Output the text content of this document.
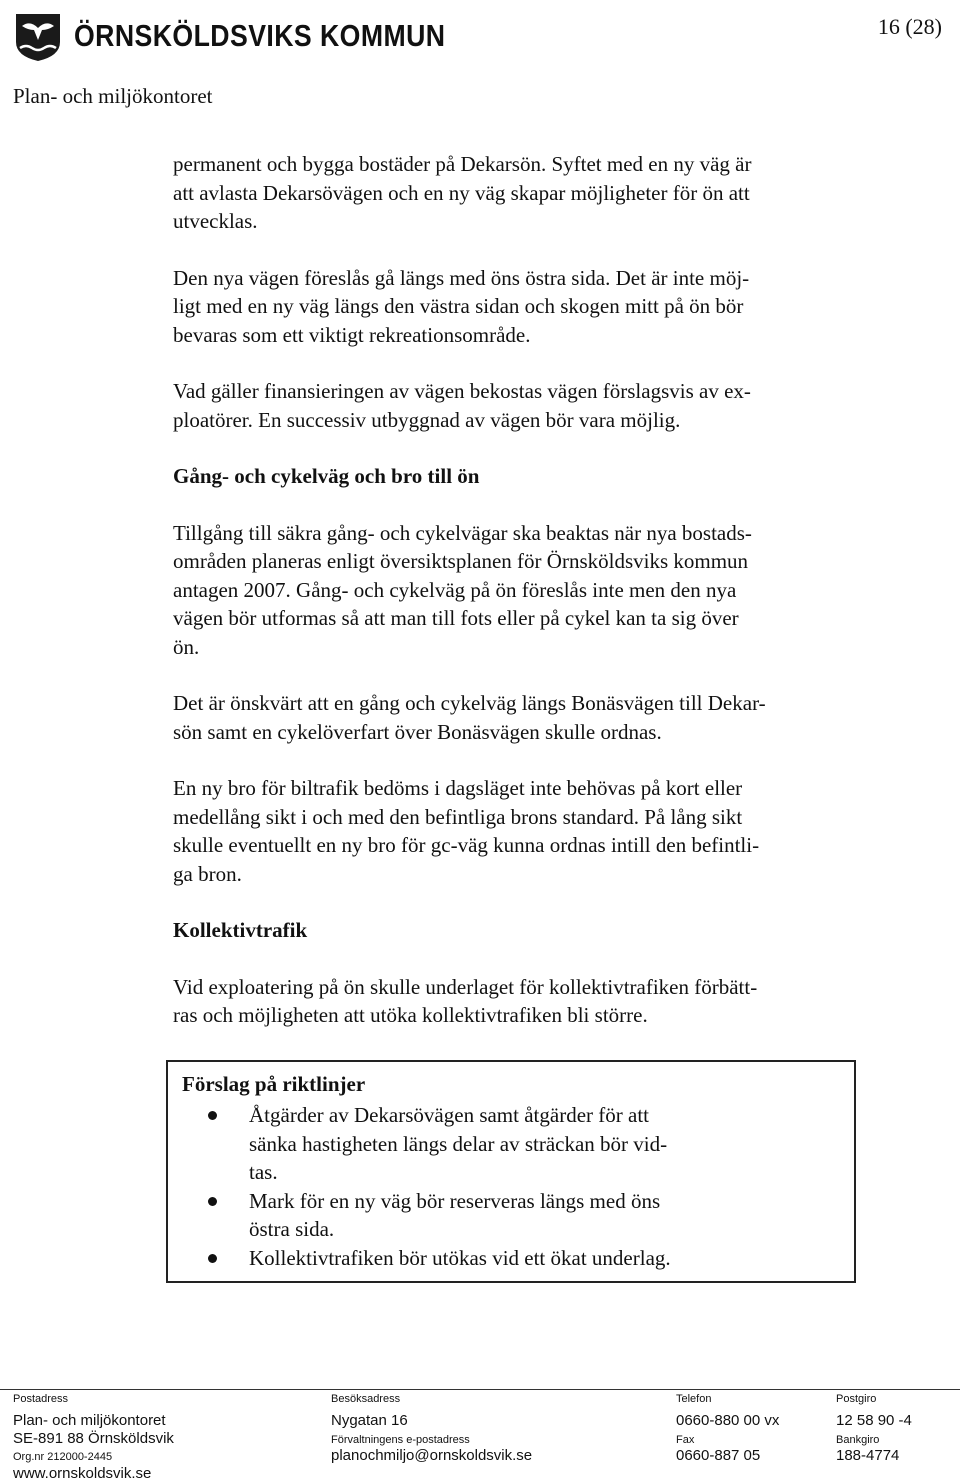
ÖRNSKÖLDSVIKS KOMMUN	16 (28)
Plan- och miljökontoret

permanent och bygga bostäder på Dekarsön. Syftet med en ny väg är

att avlasta Dekarsövägen och en ny väg skapar möjligheter för ön att

utvecklas.

Den nya vägen föreslås gå längs med öns östra sida. Det är inte möj-

ligt med en ny väg längs den västra sidan och skogen mitt på ön bör

bevaras som ett viktigt rekreationsområde.

Vad gäller finansieringen av vägen bekostas vägen förslagsvis av ex-

ploatörer. En successiv utbyggnad av vägen bör vara möjlig.

Gång- och cykelväg och bro till ön

Tillgång till säkra gång- och cykelvägar ska beaktas när nya bostads-

områden planeras enligt översiktsplanen för Örnsköldsviks kommun

antagen 2007. Gång- och cykelväg på ön föreslås inte men den nya

vägen bör utformas så att man till fots eller på cykel kan ta sig över

ön.

Det är önskvärt att en gång och cykelväg längs Bonäsvägen till Dekar-

sön samt en cykelöverfart över Bonäsvägen skulle ordnas.

En ny bro för biltrafik bedöms i dagsläget inte behövas på kort eller

medellång sikt i och med den befintliga brons standard. På lång sikt

skulle eventuellt en ny bro för gc-väg kunna ordnas intill den befintli-

ga bron.

Kollektivtrafik

Vid exploatering på ön skulle underlaget för kollektivtrafiken förbätt-

ras och möjligheten att utöka kollektivtrafiken bli större.

Förslag på riktlinjer
Åtgärder av Dekarsövägen samt åtgärder för att
sänka hastigheten längs delar av sträckan bör vid-
tas.
Mark för en ny väg bör reserveras längs med öns
östra sida.
Kollektivtrafiken bör utökas vid ett ökat underlag.
Postadress
Plan- och miljökontoret
SE-891 88 Örnsköldsvik
Org.nr 212000-2445
www.ornskoldsvik.se
Besöksadress
Nygatan 16
Förvaltningens e-postadress
planochmiljo@ornskoldsvik.se
Telefon
0660-880 00 vx
Fax
0660-887 05
Postgiro
12 58 90 -4
Bankgiro
188-4774
